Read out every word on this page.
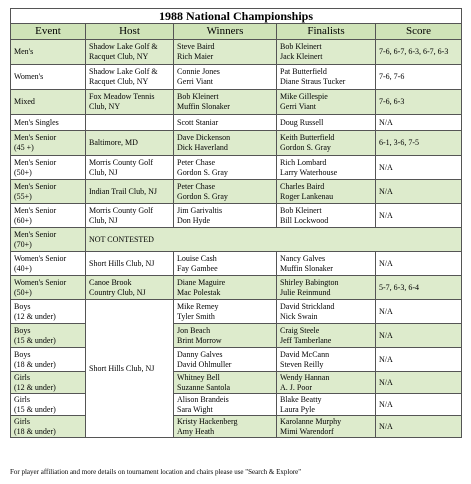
1988 National Championships				
Event	Host	Winners	Finalists	Score

Men's	Shadow Lake Golf &
Racquet Club, NY	Steve Baird
Rich Maier	Bob Kleinert
Jack Kleinert	7-6, 6-7, 6-3, 6-7, 6-3

Women's	Shadow Lake Golf &
Racquet Club, NY	Connie Jones
Gerri Viant	Pat Butterfield
Diane Straus Tucker	7-6, 7-6

Mixed	Fox Meadow Tennis
Club, NY	Bob Kleinert
Muffin Slonaker	Mike Gillespie
Gerri Viant	7-6, 6-3

Men's Singles		Scott Staniar	Doug Russell	N/A

Men's Senior
(45 +)	Baltimore, MD	Dave Dickenson
Dick Haverland	Keith Butterfield
Gordon S. Gray	6-1, 3-6, 7-5

Men's Senior
(50+)	Morris County Golf
Club, NJ	Peter Chase
Gordon S. Gray	Rich Lombard
Larry Waterhouse	N/A

Men's Senior
(55+)	Indian Trail Club, NJ	Peter Chase
Gordon S. Gray	Charles Baird
Roger Lankenau	N/A

Men's Senior
(60+)	Morris County Golf
Club, NJ	Jim Garivaltis
Don Hyde	Bob Kleinert
Bill Lockwood	N/A

Men's Senior
(70+)	NOT CONTESTED			

Women's Senior
(40+)	Short Hills Club, NJ	Louise Cash
Fay Gambee	Nancy Galves
Muffin Slonaker	N/A

Women's Senior
(50+)	Canoe Brook
Country Club, NJ	Diane Maguire
Mac Polestak	Shirley Babington
Julie Reinmund	5-7, 6-3, 6-4

Boys
(12 & under)	Short Hills Club, NJ	Mike Remey
Tyler Smith	David Strickland
Nick Swain	N/A

Boys
(15 & under)		Jon Beach
Brint Morrow	Craig Steele
Jeff Tamberlane	N/A

Boys
(18 & under)		Danny Galves
David Ohlmuller	David McCann
Steven Reilly	N/A

Girls
(12 & under)		Whitney Bell
Suzanne Santola	Wendy Hannan
A. J. Poor	N/A

Girls
(15 & under)		Alison Brandeis
Sara Wight	Blake Beatty
Laura Pyle	N/A

Girls
(18 & under)		Kristy Hackenberg
Amy Heath	Karolanne Murphy
Mimi Warendorf	N/A
For player affiliation and more details on tournament location and chairs please use "Search & Explore"
